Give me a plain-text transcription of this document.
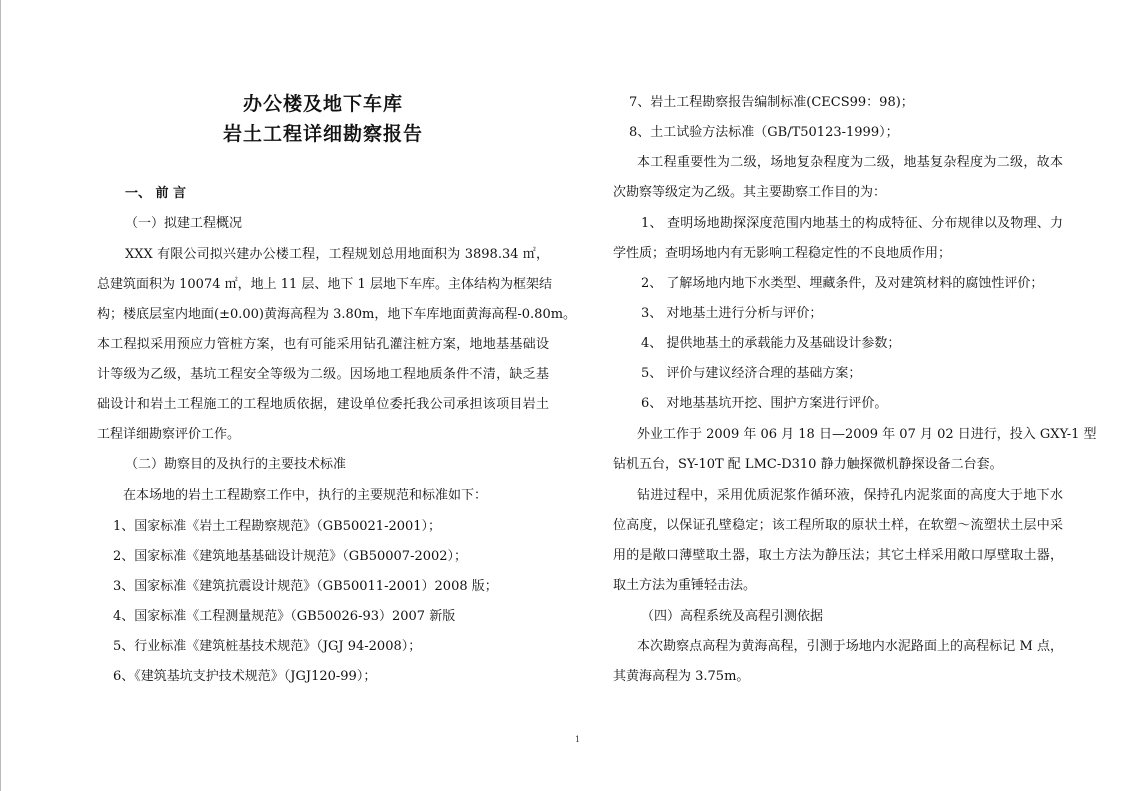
办公楼及地下车库
岩土工程详细勘察报告

一、 前 言

（一）拟建工程概况

XXX 有限公司拟兴建办公楼工程，工程规划总用地面积为 3898.34 ㎡，

总建筑面积为 10074 ㎡，地上 11 层、地下 1 层地下车库。主体结构为框架结

构；楼底层室内地面(±0.00)黄海高程为 3.80m，地下车库地面黄海高程-0.80m。

本工程拟采用预应力管桩方案，也有可能采用钻孔灌注桩方案，地地基基础设

计等级为乙级，基坑工程安全等级为二级。因场地工程地质条件不清，缺乏基

础设计和岩土工程施工的工程地质依据，建设单位委托我公司承担该项目岩土

工程详细勘察评价工作。

（二）勘察目的及执行的主要技术标准

在本场地的岩土工程勘察工作中，执行的主要规范和标准如下：

1、国家标准《岩土工程勘察规范》（GB50021-2001）；

2、国家标准《建筑地基基础设计规范》（GB50007-2002）；

3、国家标准《建筑抗震设计规范》（GB50011-2001）2008 版；

4、国家标准《工程测量规范》（GB50026-93）2007 新版

5、行业标准《建筑桩基技术规范》（JGJ 94-2008）；

6、《建筑基坑支护技术规范》（JGJ120-99）；

7、岩土工程勘察报告编制标准(CECS99：98)；

8、土工试验方法标准（GB/T50123-1999）；

本工程重要性为二级，场地复杂程度为二级，地基复杂程度为二级，故本

次勘察等级定为乙级。其主要勘察工作目的为：

1、 查明场地勘探深度范围内地基土的构成特征、分布规律以及物理、力

学性质；查明场地内有无影响工程稳定性的不良地质作用；

2、 了解场地内地下水类型、埋藏条件，及对建筑材料的腐蚀性评价；

3、 对地基土进行分析与评价；

4、 提供地基土的承载能力及基础设计参数；

5、 评价与建议经济合理的基础方案；

6、 对地基基坑开挖、围护方案进行评价。

外业工作于 2009 年 06 月 18 日—2009 年 07 月 02 日进行，投入 GXY-1 型

钻机五台，SY-10T 配 LMC-D310 静力触探微机静探设备二台套。

钻进过程中，采用优质泥浆作循环液，保持孔内泥浆面的高度大于地下水

位高度，以保证孔壁稳定；该工程所取的原状土样，在软塑～流塑状土层中采

用的是敞口薄壁取土器，取土方法为静压法；其它土样采用敞口厚壁取土器，

取土方法为重锤轻击法。

（四）高程系统及高程引测依据

本次勘察点高程为黄海高程，引测于场地内水泥路面上的高程标记 M 点，

其黄海高程为 3.75m。

1
